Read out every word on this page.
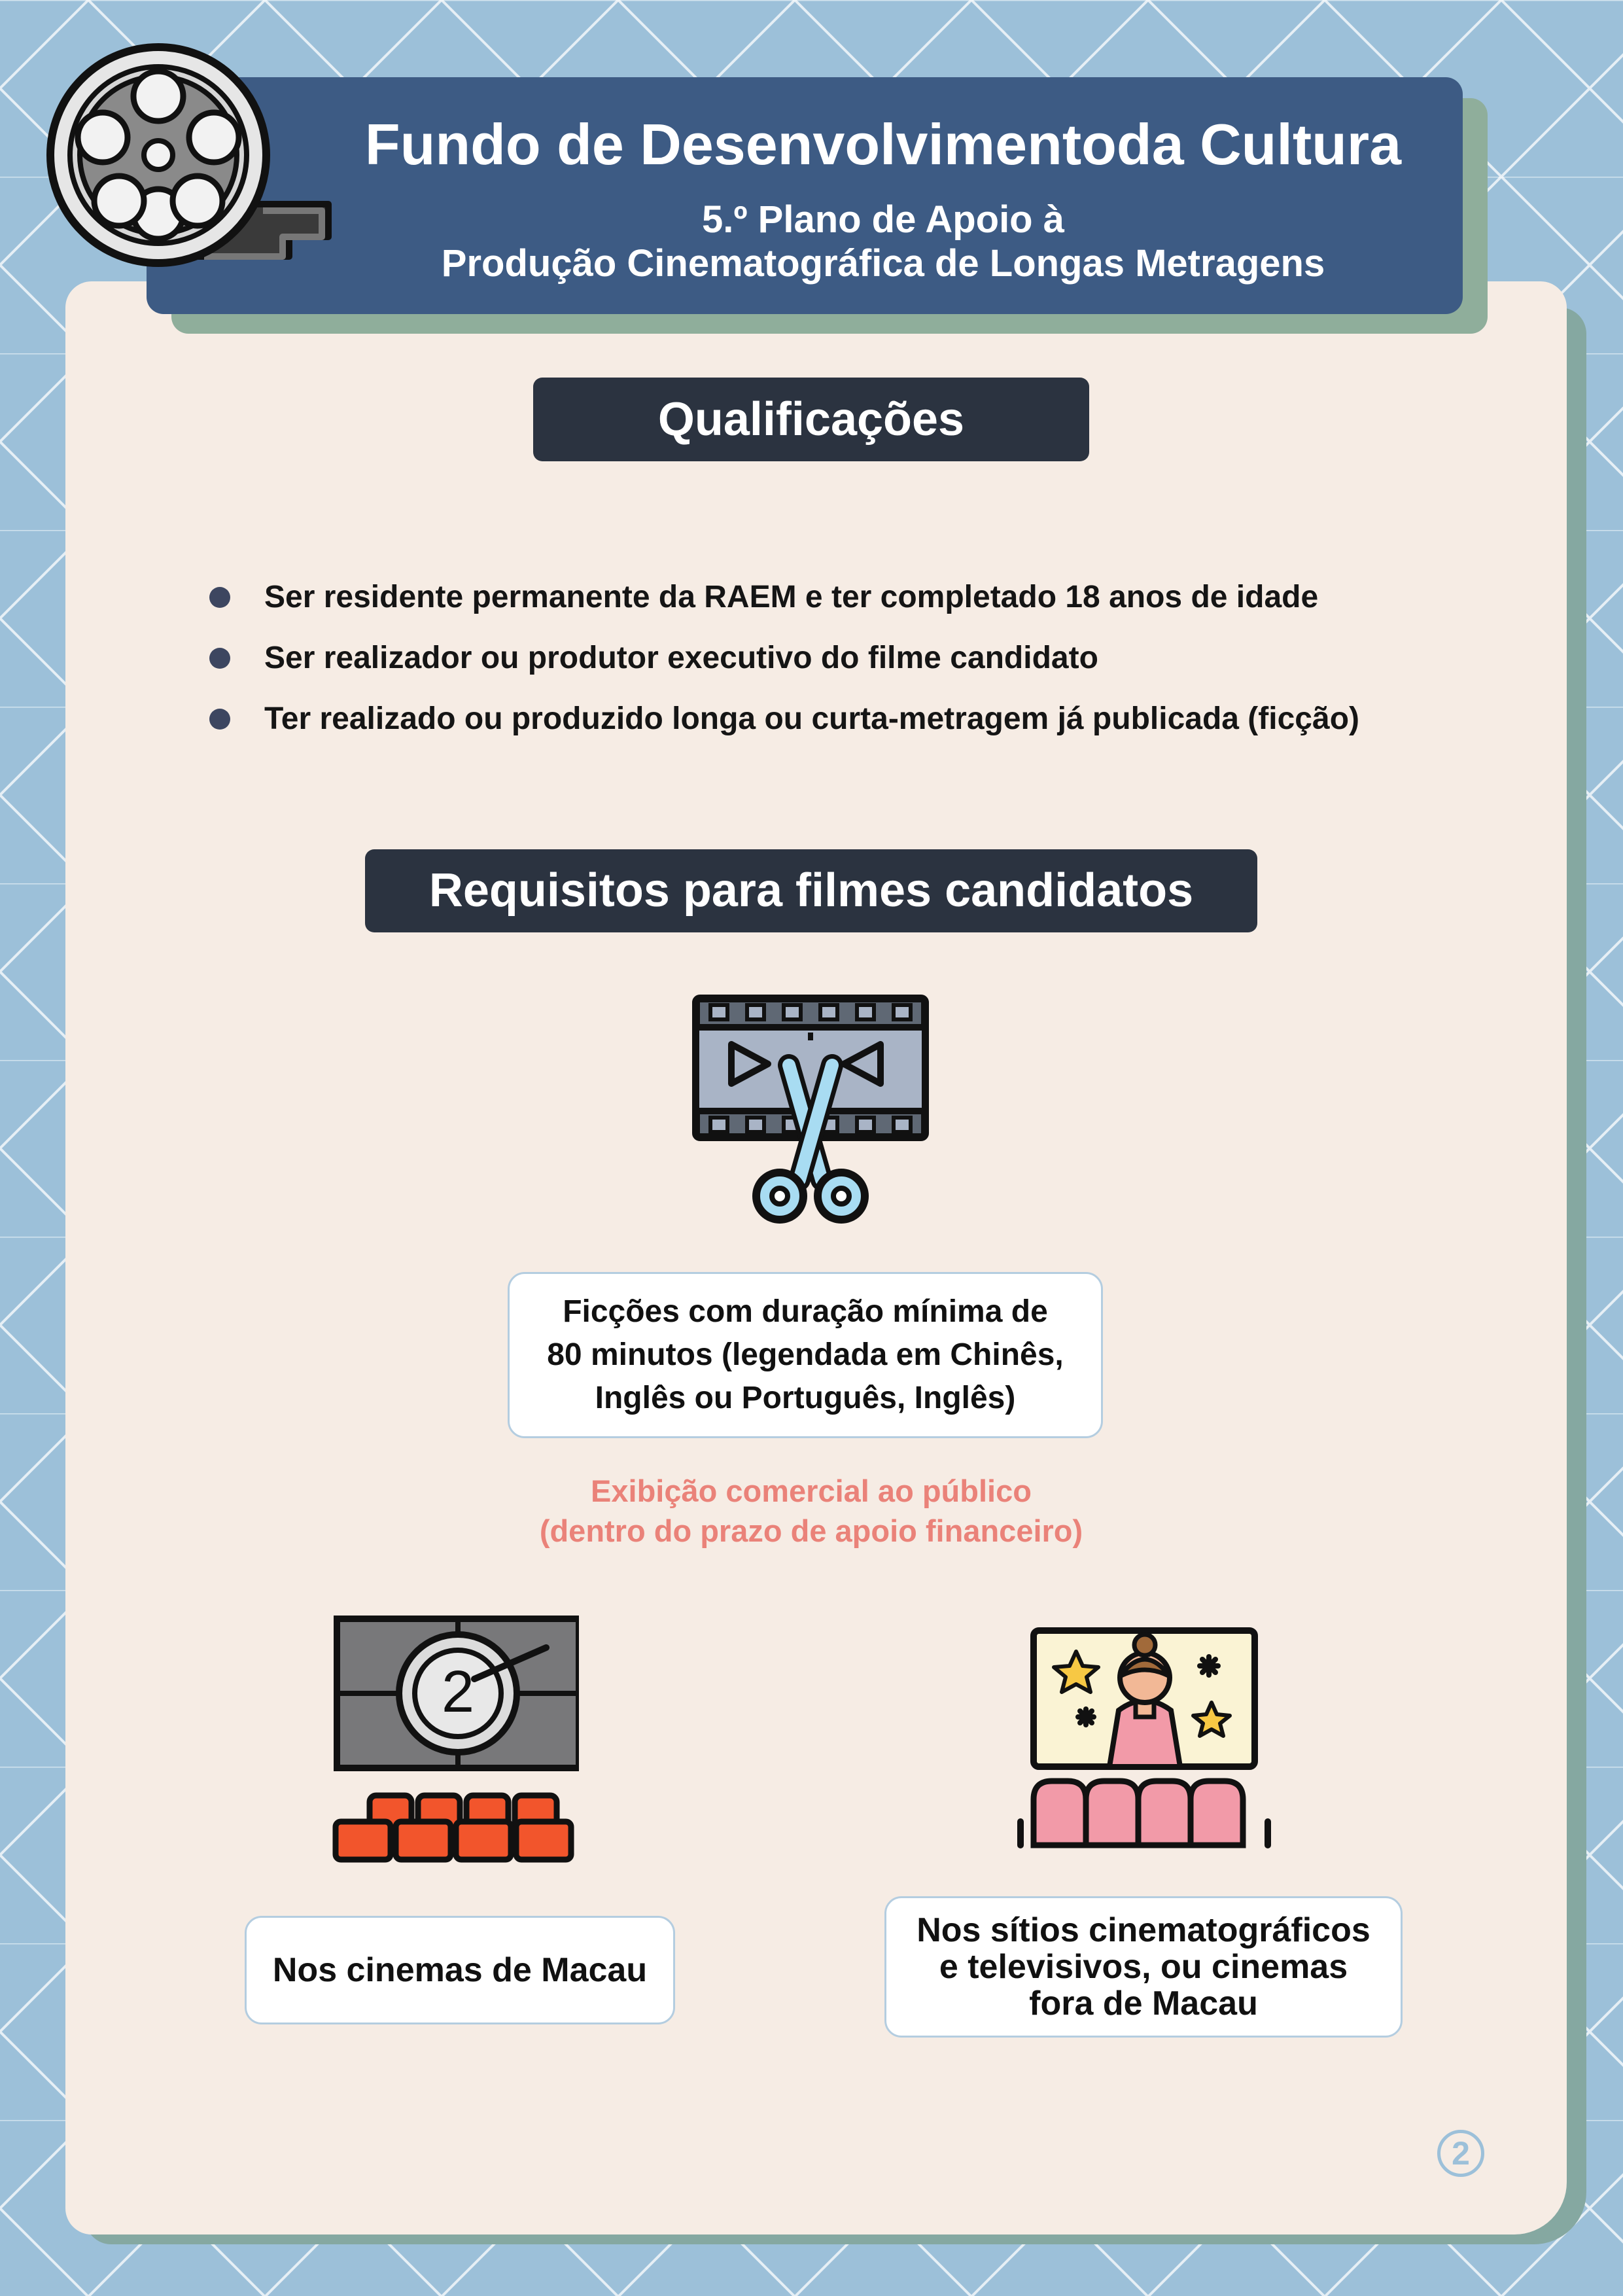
Fundo de Desenvolvimentoda Cultura
5.º Plano de Apoio à
Produção Cinematográfica de Longas Metragens
Qualificações
Ser residente permanente da RAEM e ter completado 18 anos de idade
Ser realizador ou produtor executivo do filme candidato
Ter realizado ou produzido longa ou curta-metragem já publicada (ficção)
Requisitos para filmes candidatos
Ficções com duração mínima de
80 minutos (legendada em Chinês,
Inglês ou Português, Inglês)
Exibição comercial ao público
(dentro do prazo de apoio financeiro)
2
Nos cinemas de Macau
Nos sítios cinematográficos
e televisivos, ou cinemas
fora de Macau
2
